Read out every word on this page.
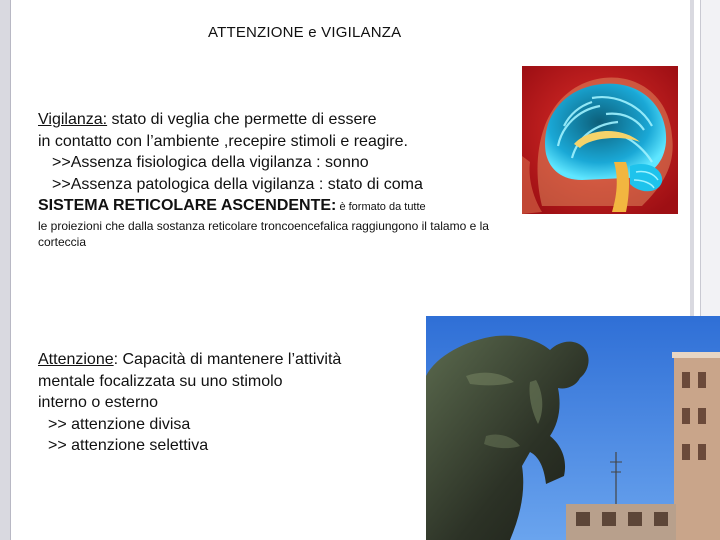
ATTENZIONE e VIGILANZA
Vigilanza: stato di veglia che permette di essere
in contatto con l’ambiente ,recepire stimoli e reagire.
>>Assenza fisiologica della vigilanza : sonno
>>Assenza patologica della vigilanza : stato di coma
SISTEMA RETICOLARE ASCENDENTE: è formato da tutte
le proiezioni che dalla sostanza reticolare troncoencefalica raggiungono il talamo e la
corteccia
Attenzione: Capacità di mantenere l’attività
mentale focalizzata su uno stimolo
interno o esterno
>> attenzione divisa
>> attenzione selettiva
